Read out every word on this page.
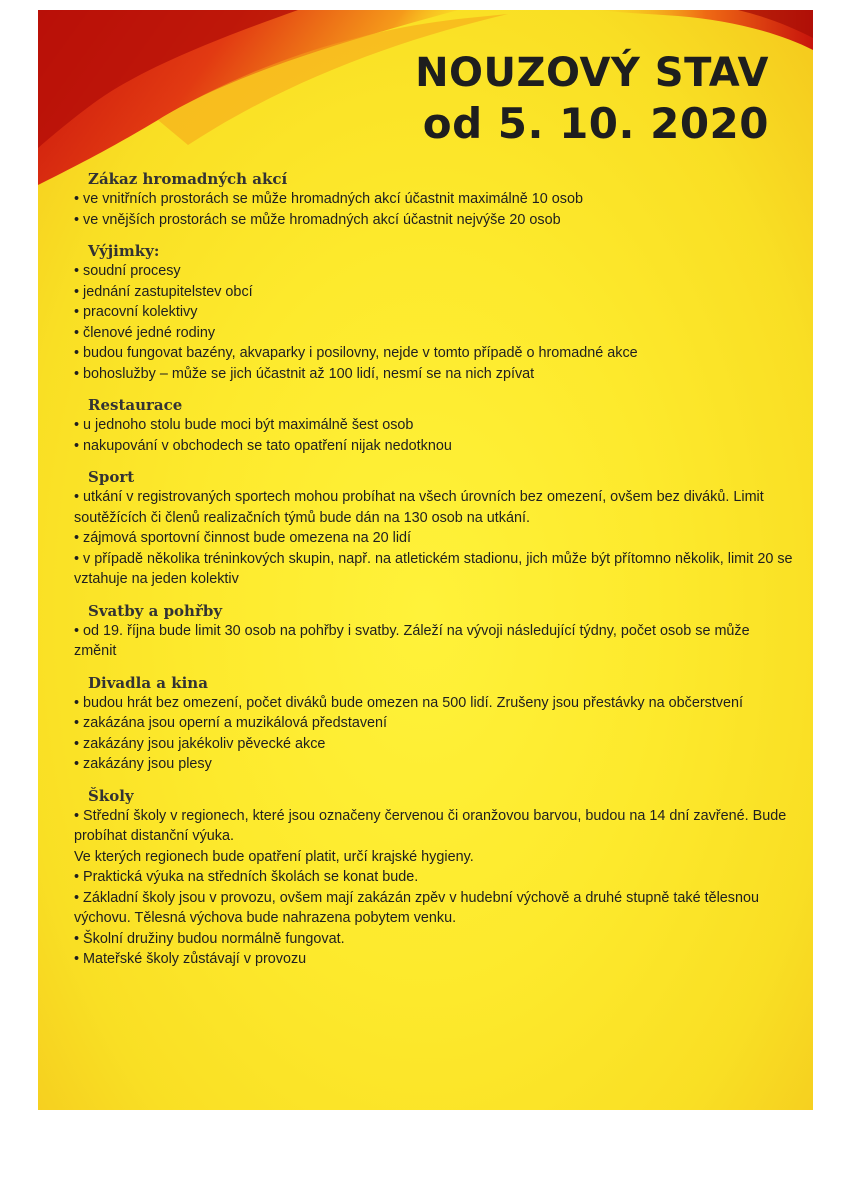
NOUZOVÝ STAV
od 5. 10. 2020
Zákaz hromadných akcí
• ve vnitřních prostorách se může hromadných akcí účastnit maximálně 10 osob
• ve vnějších prostorách se může hromadných akcí účastnit nejvýše 20 osob
Výjimky:
• soudní procesy
• jednání zastupitelstev obcí
• pracovní kolektivy
• členové jedné rodiny
• budou fungovat bazény, akvaparky i posilovny, nejde v tomto případě o hromadné akce
• bohoslužby – může se jich účastnit až 100 lidí, nesmí se na nich zpívat
Restaurace
• u jednoho stolu bude moci být maximálně šest osob
• nakupování v obchodech se tato opatření nijak nedotknou
Sport
• utkání v registrovaných sportech mohou probíhat na všech úrovních bez omezení, ovšem bez diváků. Limit soutěžících či členů realizačních týmů bude dán na 130 osob na utkání.
• zájmová sportovní činnost bude omezena na 20 lidí
• v případě několika tréninkových skupin, např. na atletickém stadionu, jich může být přítomno několik, limit 20 se vztahuje na jeden kolektiv
Svatby a pohřby
• od 19. října bude limit 30 osob na pohřby i svatby. Záleží na vývoji následující týdny, počet osob se může změnit
Divadla a kina
• budou hrát bez omezení, počet diváků bude omezen na 500 lidí. Zrušeny jsou přestávky na občerstvení
• zakázána jsou operní a muzikálová představení
• zakázány jsou jakékoliv pěvecké akce
• zakázány jsou plesy
Školy
• Střední školy v regionech, které jsou označeny červenou či oranžovou barvou, budou na 14 dní zavřené. Bude probíhat distanční výuka.
Ve kterých regionech bude opatření platit, určí krajské hygieny.
• Praktická výuka na středních školách se konat bude.
• Základní školy jsou v provozu, ovšem mají zakázán zpěv v hudební výchově a druhé stupně také tělesnou výchovu. Tělesná výchova bude nahrazena pobytem venku.
• Školní družiny budou normálně fungovat.
• Mateřské školy zůstávají v provozu
